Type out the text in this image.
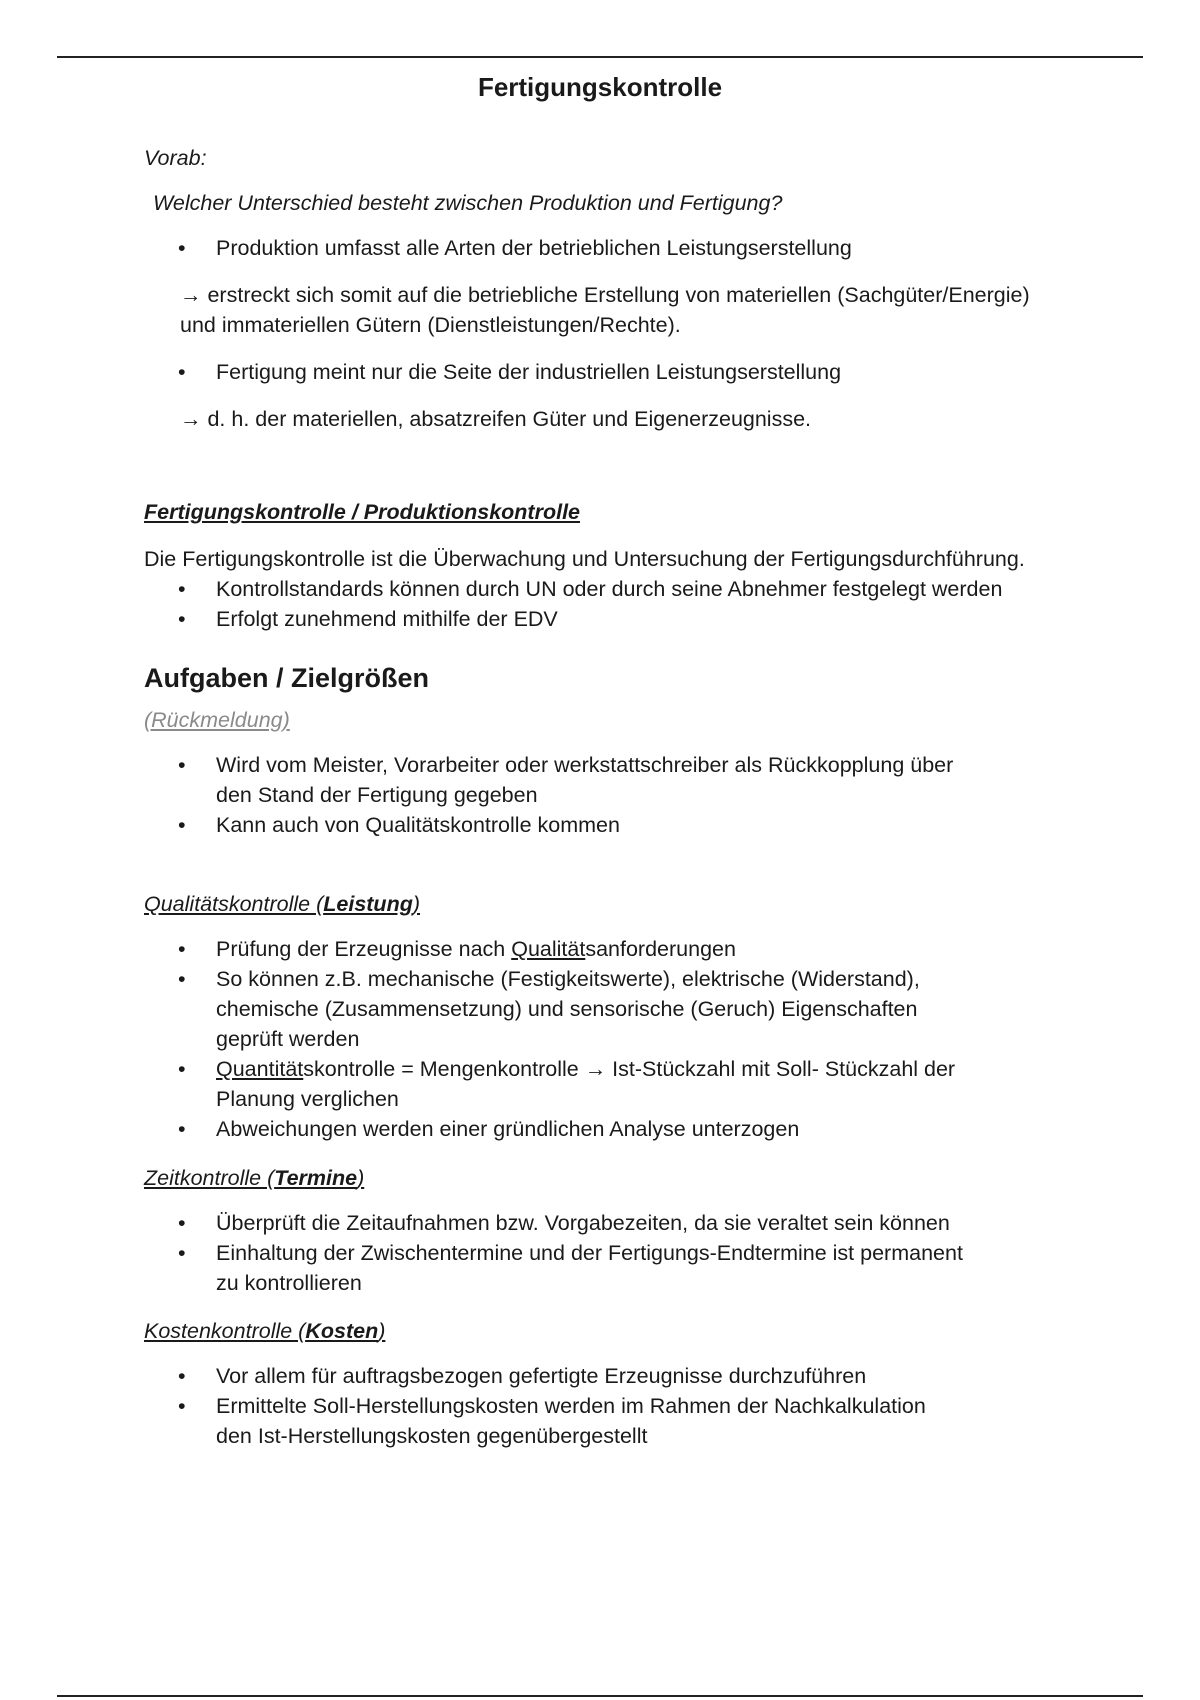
Fertigungskontrolle

Vorab:

Welcher Unterschied besteht zwischen Produktion und Fertigung?

• Produktion umfasst alle Arten der betrieblichen Leistungserstellung

→ erstreckt sich somit auf die betriebliche Erstellung von materiellen (Sachgüter/Energie)

und immateriellen Gütern (Dienstleistungen/Rechte).

• Fertigung meint nur die Seite der industriellen Leistungserstellung

→ d. h. der materiellen, absatzreifen Güter und Eigenerzeugnisse.

Fertigungskontrolle / Produktionskontrolle

Die Fertigungskontrolle ist die Überwachung und Untersuchung der Fertigungsdurchführung.

• Kontrollstandards können durch UN oder durch seine Abnehmer festgelegt werden
• Erfolgt zunehmend mithilfe der EDV
Aufgaben / Zielgrößen

(Rückmeldung)

• Wird vom Meister, Vorarbeiter oder werkstattschreiber als Rückkopplung über
den Stand der Fertigung gegeben
• Kann auch von Qualitätskontrolle kommen

Qualitätskontrolle (Leistung)

• Prüfung der Erzeugnisse nach Qualitätsanforderungen
• So können z.B. mechanische (Festigkeitswerte), elektrische (Widerstand),
chemische (Zusammensetzung) und sensorische (Geruch) Eigenschaften
geprüft werden
• Quantitätskontrolle = Mengenkontrolle → Ist-Stückzahl mit Soll- Stückzahl der
Planung verglichen
• Abweichungen werden einer gründlichen Analyse unterzogen

Zeitkontrolle (Termine)

• Überprüft die Zeitaufnahmen bzw. Vorgabezeiten, da sie veraltet sein können
• Einhaltung der Zwischentermine und der Fertigungs-Endtermine ist permanent
zu kontrollieren

Kostenkontrolle (Kosten)

• Vor allem für auftragsbezogen gefertigte Erzeugnisse durchzuführen
• Ermittelte Soll-Herstellungskosten werden im Rahmen der Nachkalkulation
den Ist-Herstellungskosten gegenübergestellt
